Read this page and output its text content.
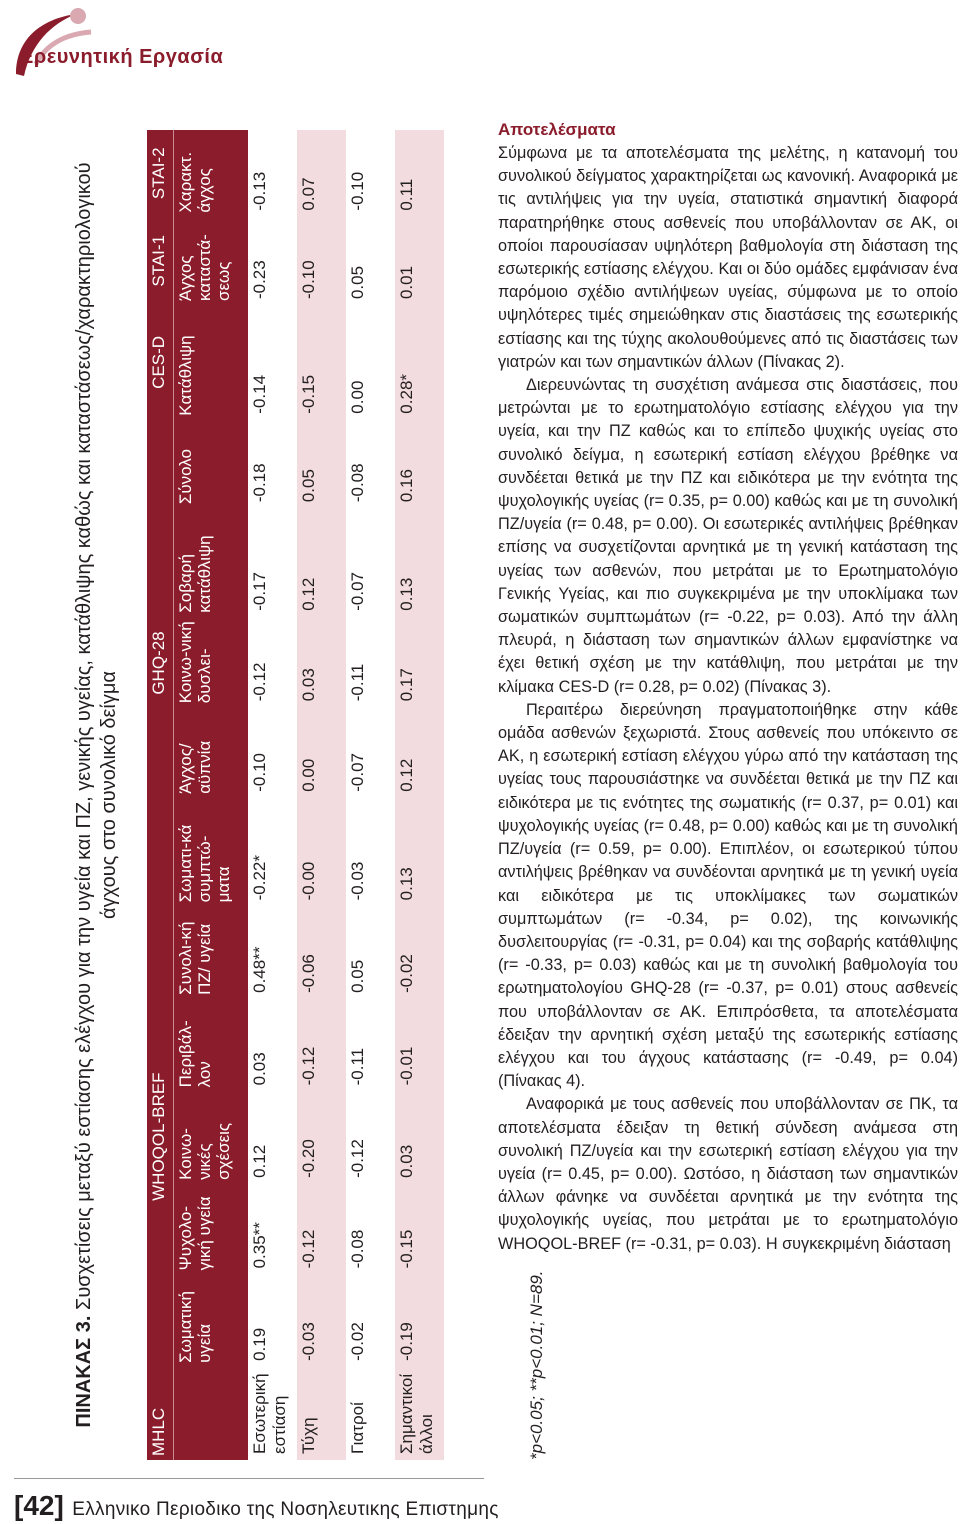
Ερευνητική Εργασία
ΠΙΝΑΚΑΣ 3. Συσχετίσεις μεταξύ εστίασης ελέγχου για την υγεία και ΠΖ, γενικής υγείας, κατάθλιψης καθώς και καταστάσεως/χαρακτηριολογικού άγχους στο συνολικό δείγμα
MHLC	WHOQOL-BREF					GHQ-28					CES-D	STAI-1	STAI-2
	Σωματική υγεία	Ψυχολο-γική υγεία	Κοινω-νικές σχέσεις	Περιβάλ-λον	Συνολι-κή ΠΖ/ υγεία	Σωματι-κά συμπτώ-ματα	Άγχος/ αϋπνία	Κοινω-νική δυσλει-	Σοβαρή κατάθλιψη	Σύνολο	Κατάθλιψη	Άγχος καταστά-σεως	Χαρακτ. άγχος
Εσωτερική εστίαση	0.19	0.35**	0.12	0.03	0.48**	-0.22*	-0.10	-0.12	-0.17	-0.18	-0.14	-0.23	-0.13
Τύχη	-0.03	-0.12	-0.20	-0.12	-0.06	-0.00	0.00	0.03	0.12	0.05	-0.15	-0.10	0.07
Γιατροί	-0.02	-0.08	-0.12	-0.11	0.05	-0.03	-0.07	-0.11	-0.07	-0.08	0.00	0.05	-0.10
Σημαντικοί άλλοι	-0.19	-0.15	0.03	-0.01	-0.02	0.13	0.12	0.17	0.13	0.16	0.28*	0.01	0.11
*p<0.05; **p<0.01; N=89.
Αποτελέσματα

Σύμφωνα με τα αποτελέσματα της μελέτης, η κατανομή του συνολικού δείγματος χαρακτηρίζεται ως κανονική. Αναφορικά με τις αντιλήψεις για την υγεία, στατιστικά σημαντική διαφορά παρατηρήθηκε στους ασθενείς που υποβάλλονταν σε ΑΚ, οι οποίοι παρουσίασαν υψηλότερη βαθμολογία στη διάσταση της εσωτερικής εστίασης ελέγχου. Και οι δύο ομάδες εμφάνισαν ένα παρόμοιο σχέδιο αντιλήψεων υγείας, σύμφωνα με το οποίο υψηλότερες τιμές σημειώθηκαν στις διαστάσεις της εσωτερικής εστίασης και της τύχης ακολουθούμενες από τις διαστάσεις των γιατρών και των σημαντικών άλλων (Πίνακας 2).

Διερευνώντας τη συσχέτιση ανάμεσα στις διαστάσεις, που μετρώνται με το ερωτηματολόγιο εστίασης ελέγχου για την υγεία, και την ΠΖ καθώς και το επίπεδο ψυχικής υγείας στο συνολικό δείγμα, η εσωτερική εστίαση ελέγχου βρέθηκε να συνδέεται θετικά με την ΠΖ και ειδικότερα με την ενότητα της ψυχολογικής υγείας (r= 0.35, p= 0.00) καθώς και με τη συνολική ΠΖ/υγεία (r= 0.48, p= 0.00). Οι εσωτερικές αντιλήψεις βρέθηκαν επίσης να συσχετίζονται αρνητικά με τη γενική κατάσταση της υγείας των ασθενών, που μετράται με το Ερωτηματολόγιο Γενικής Υγείας, και πιο συγκεκριμένα με την υποκλίμακα των σωματικών συμπτωμάτων (r= -0.22, p= 0.03). Από την άλλη πλευρά, η διάσταση των σημαντικών άλλων εμφανίστηκε να έχει θετική σχέση με την κατάθλιψη, που μετράται με την κλίμακα CES-D (r= 0.28, p= 0.02) (Πίνακας 3).

Περαιτέρω διερεύνηση πραγματοποιήθηκε στην κάθε ομάδα ασθενών ξεχωριστά. Στους ασθενείς που υπόκειντο σε ΑΚ, η εσωτερική εστίαση ελέγχου γύρω από την κατάσταση της υγείας τους παρουσιάστηκε να συνδέεται θετικά με την ΠΖ και ειδικότερα με τις ενότητες της σωματικής (r= 0.37, p= 0.01) και ψυχολογικής υγείας (r= 0.48, p= 0.00) καθώς και με τη συνολική ΠΖ/υγεία (r= 0.59, p= 0.00). Επιπλέον, οι εσωτερικού τύπου αντιλήψεις βρέθηκαν να συνδέονται αρνητικά με τη γενική υγεία και ειδικότερα με τις υποκλίμακες των σωματικών συμπτωμάτων (r= -0.34, p= 0.02), της κοινωνικής δυσλειτουργίας (r= -0.31, p= 0.04) και της σοβαρής κατάθλιψης (r= -0.33, p= 0.03) καθώς και με τη συνολική βαθμολογία του ερωτηματολογίου GHQ-28 (r= -0.37, p= 0.01) στους ασθενείς που υποβάλλονταν σε ΑΚ. Επιπρόσθετα, τα αποτελέσματα έδειξαν την αρνητική σχέση μεταξύ της εσωτερικής εστίασης ελέγχου και του άγχους κατάστασης (r= -0.49, p= 0.04) (Πίνακας 4).

Αναφορικά με τους ασθενείς που υποβάλλονταν σε ΠΚ, τα αποτελέσματα έδειξαν τη θετική σύνδεση ανάμεσα στη συνολική ΠΖ/υγεία και την εσωτερική εστίαση ελέγχου για την υγεία (r= 0.45, p= 0.00). Ωστόσο, η διάσταση των σημαντικών άλλων φάνηκε να συνδέεται αρνητικά με την ενότητα της ψυχολογικής υγείας, που μετράται με το ερωτηματολόγιο WHOQOL-BREF (r= -0.31, p= 0.03). Η συγκεκριμένη διάσταση

[42] Ελληνικο Περιοδικο της Νοσηλευτικης Επιστημης
